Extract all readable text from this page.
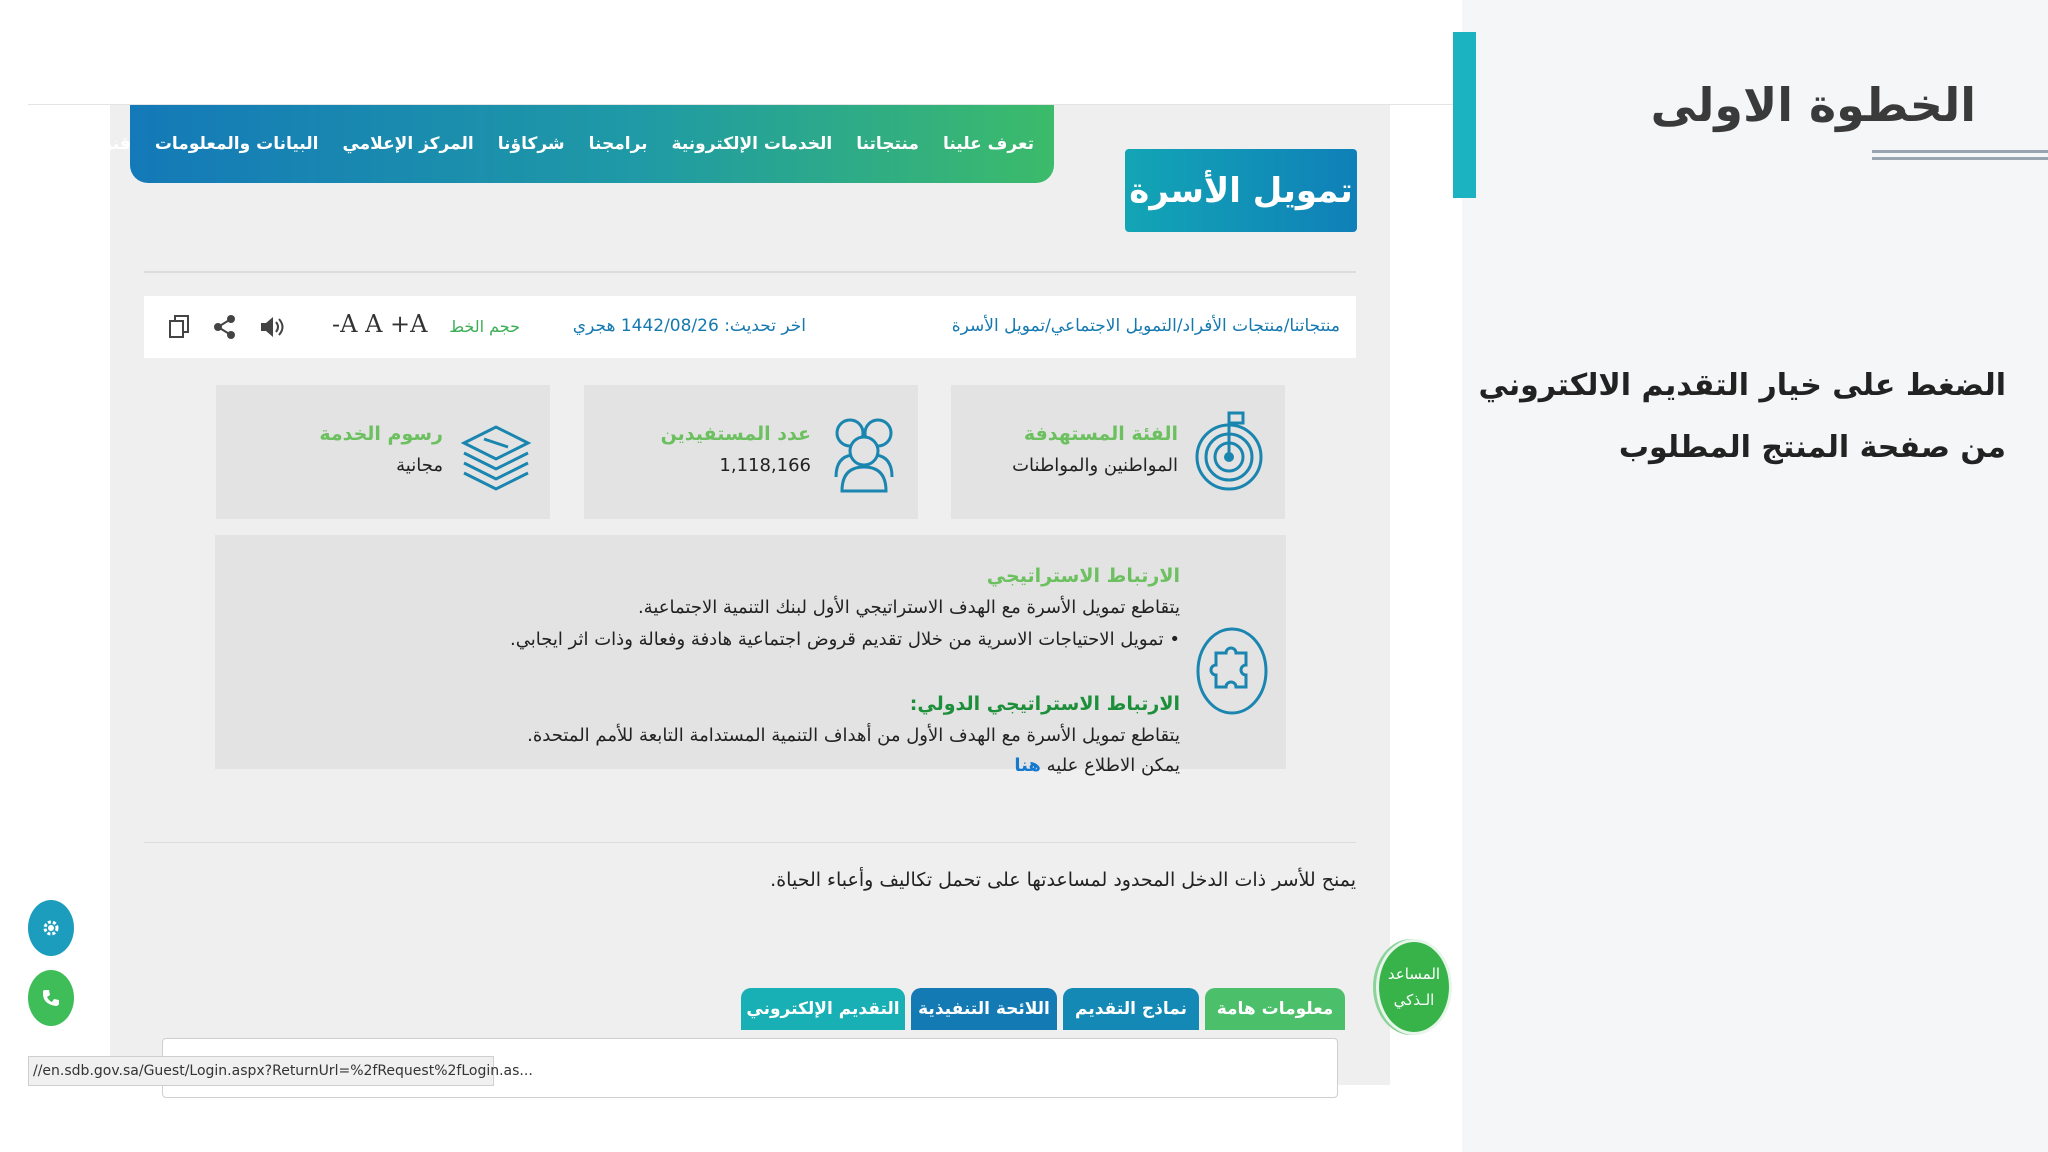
الخطوة الاولى
الضغط على خيار التقديم الالكتروني
من صفحة المنتج المطلوب
تعرف علينا
منتجاتنا
الخدمات الإلكترونية
برامجنا
شركاؤنا
المركز الإعلامي
البيانات والمعلومات
قنوات التواصل
تمويل الأسرة
منتجاتنا/منتجات الأفراد/التمويل الاجتماعي/تمويل الأسرة
اخر تحديث: 1442/08/26 هجري
حجم الخط
-A A +A
الفئة المستهدفة
المواطنين والمواطنات
عدد المستفيدين
1,118,166
رسوم الخدمة
مجانية
الارتباط الاستراتيجي
يتقاطع تمويل الأسرة مع الهدف الاستراتيجي الأول لبنك التنمية الاجتماعية.
• تمويل الاحتياجات الاسرية من خلال تقديم قروض اجتماعية هادفة وفعالة وذات اثر ايجابي.
الارتباط الاستراتيجي الدولي:
يتقاطع تمويل الأسرة مع الهدف الأول من أهداف التنمية المستدامة التابعة للأمم المتحدة.
يمكن الاطلاع عليه هنا
يمنح للأسر ذات الدخل المحدود لمساعدتها على تحمل تكاليف وأعباء الحياة.
المساعد
الـذكي
معلومات هامة
نماذج التقديم
اللائحة التنفيذية
التقديم الإلكتروني
//en.sdb.gov.sa/Guest/Login.aspx?ReturnUrl=%2fRequest%2fLogin.as...
